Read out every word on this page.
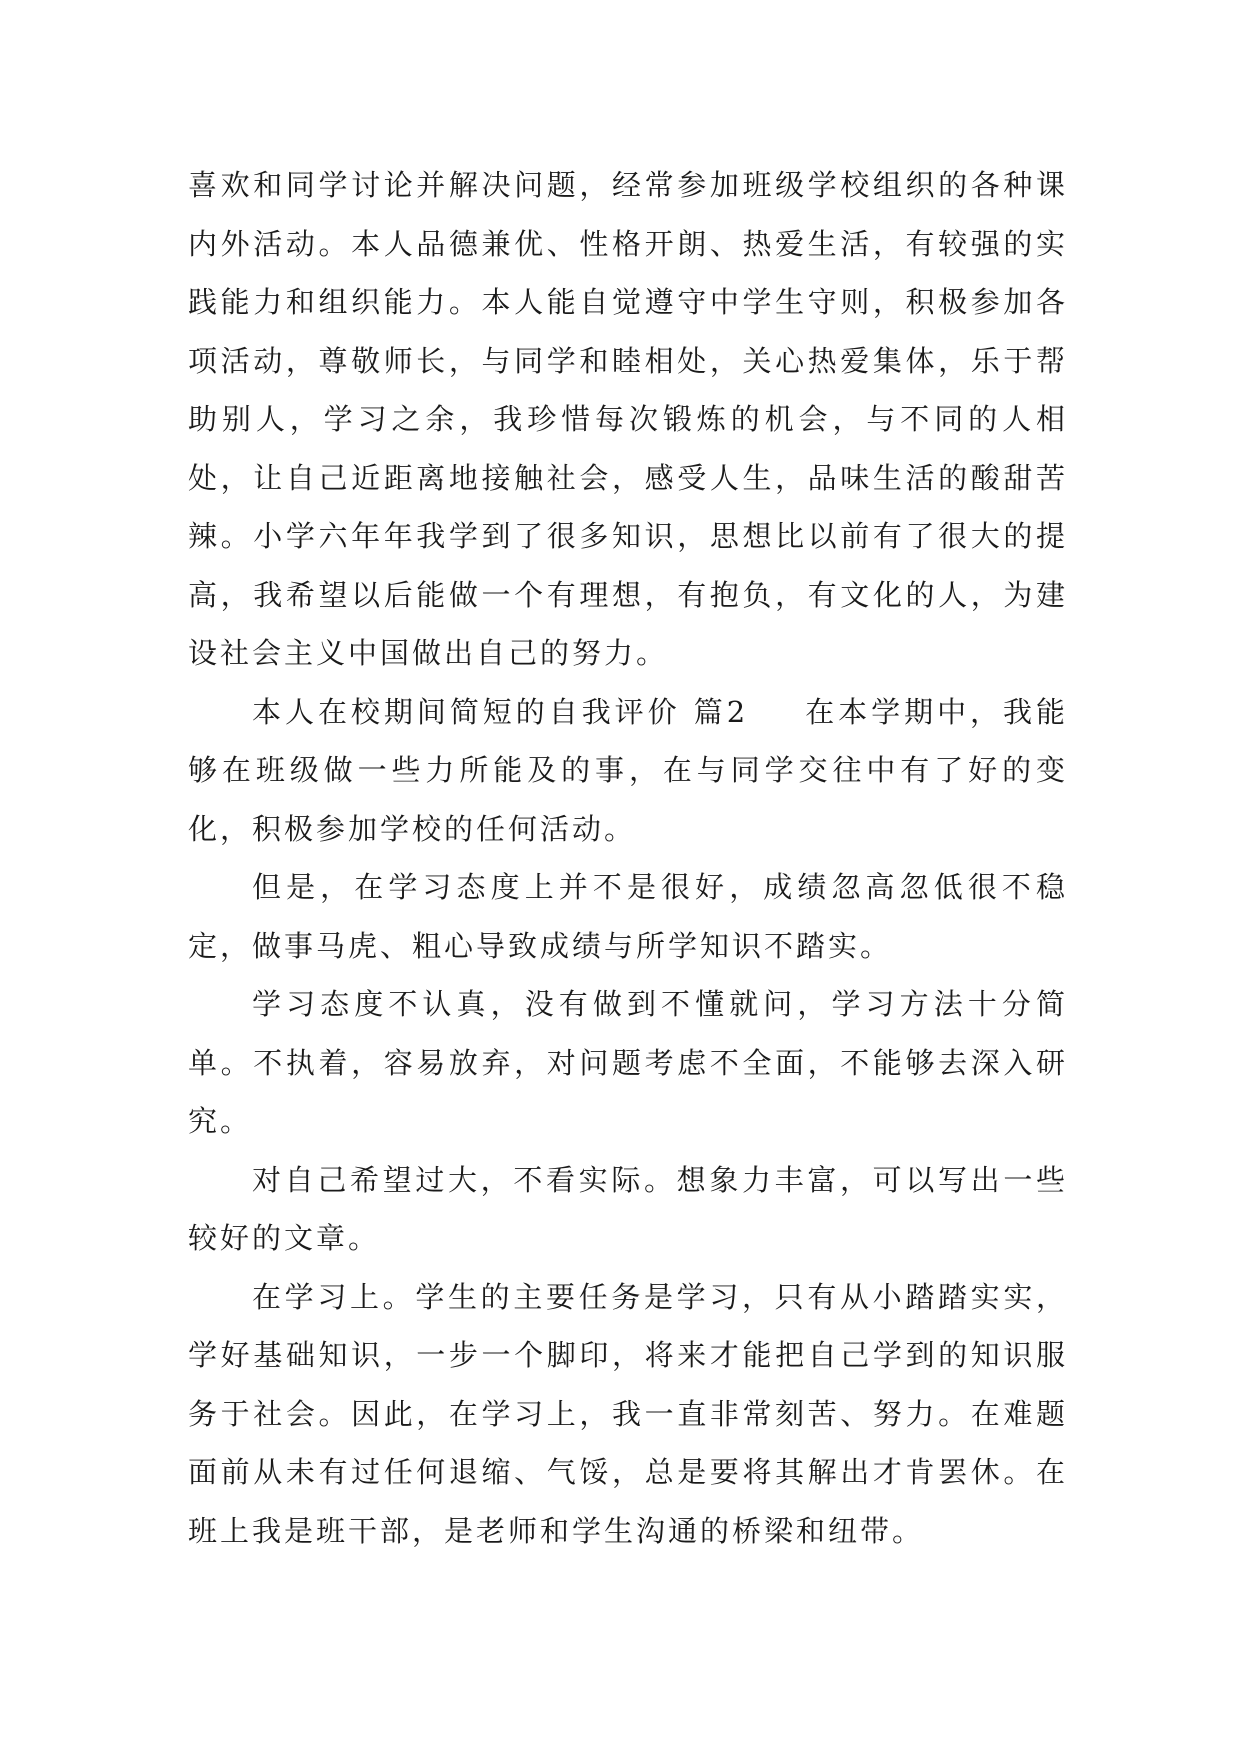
喜欢和同学讨论并解决问题，经常参加班级学校组织的各种课内外活动。本人品德兼优、性格开朗、热爱生活，有较强的实践能力和组织能力。本人能自觉遵守中学生守则，积极参加各项活动，尊敬师长，与同学和睦相处，关心热爱集体，乐于帮助别人，学习之余，我珍惜每次锻炼的机会，与不同的人相处，让自己近距离地接触社会，感受人生，品味生活的酸甜苦辣。小学六年年我学到了很多知识，思想比以前有了很大的提高，我希望以后能做一个有理想，有抱负，有文化的人，为建设社会主义中国做出自己的努力。

本人在校期间简短的自我评价 篇2 在本学期中，我能够在班级做一些力所能及的事，在与同学交往中有了好的变化，积极参加学校的任何活动。

但是，在学习态度上并不是很好，成绩忽高忽低很不稳定，做事马虎、粗心导致成绩与所学知识不踏实。

学习态度不认真，没有做到不懂就问，学习方法十分简单。不执着，容易放弃，对问题考虑不全面，不能够去深入研究。

对自己希望过大，不看实际。想象力丰富，可以写出一些较好的文章。

在学习上。学生的主要任务是学习，只有从小踏踏实实，学好基础知识，一步一个脚印，将来才能把自己学到的知识服务于社会。因此，在学习上，我一直非常刻苦、努力。在难题面前从未有过任何退缩、气馁，总是要将其解出才肯罢休。在班上我是班干部，是老师和学生沟通的桥梁和纽带。
